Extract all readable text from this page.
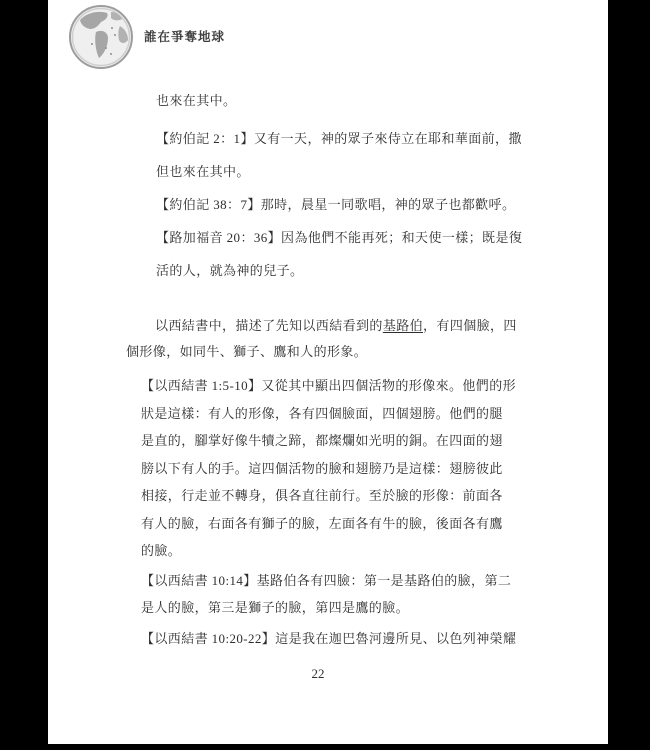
誰在爭奪地球
也來在其中。
【約伯記 2：1】又有一天，神的眾子來侍立在耶和華面前，撒
但也來在其中。
【約伯記 38：7】那時，晨星一同歌唱，神的眾子也都歡呼。
【路加福音 20：36】因為他們不能再死；和天使一樣；既是復
活的人，就為神的兒子。
以西結書中，描述了先知以西結看到的基路伯，有四個臉，四
個形像，如同牛、獅子、鷹和人的形象。
【以西結書 1:5-10】又從其中顯出四個活物的形像來。他們的形
狀是這樣：有人的形像，各有四個臉面，四個翅膀。他們的腿
是直的，腳掌好像牛犢之蹄，都燦爛如光明的銅。在四面的翅
膀以下有人的手。這四個活物的臉和翅膀乃是這樣：翅膀彼此
相接，行走並不轉身，俱各直往前行。至於臉的形像：前面各
有人的臉，右面各有獅子的臉，左面各有牛的臉，後面各有鷹
的臉。
【以西結書 10:14】基路伯各有四臉：第一是基路伯的臉，第二
是人的臉，第三是獅子的臉，第四是鷹的臉。
【以西結書 10:20-22】這是我在迦巴魯河邊所見、以色列神榮耀
22
